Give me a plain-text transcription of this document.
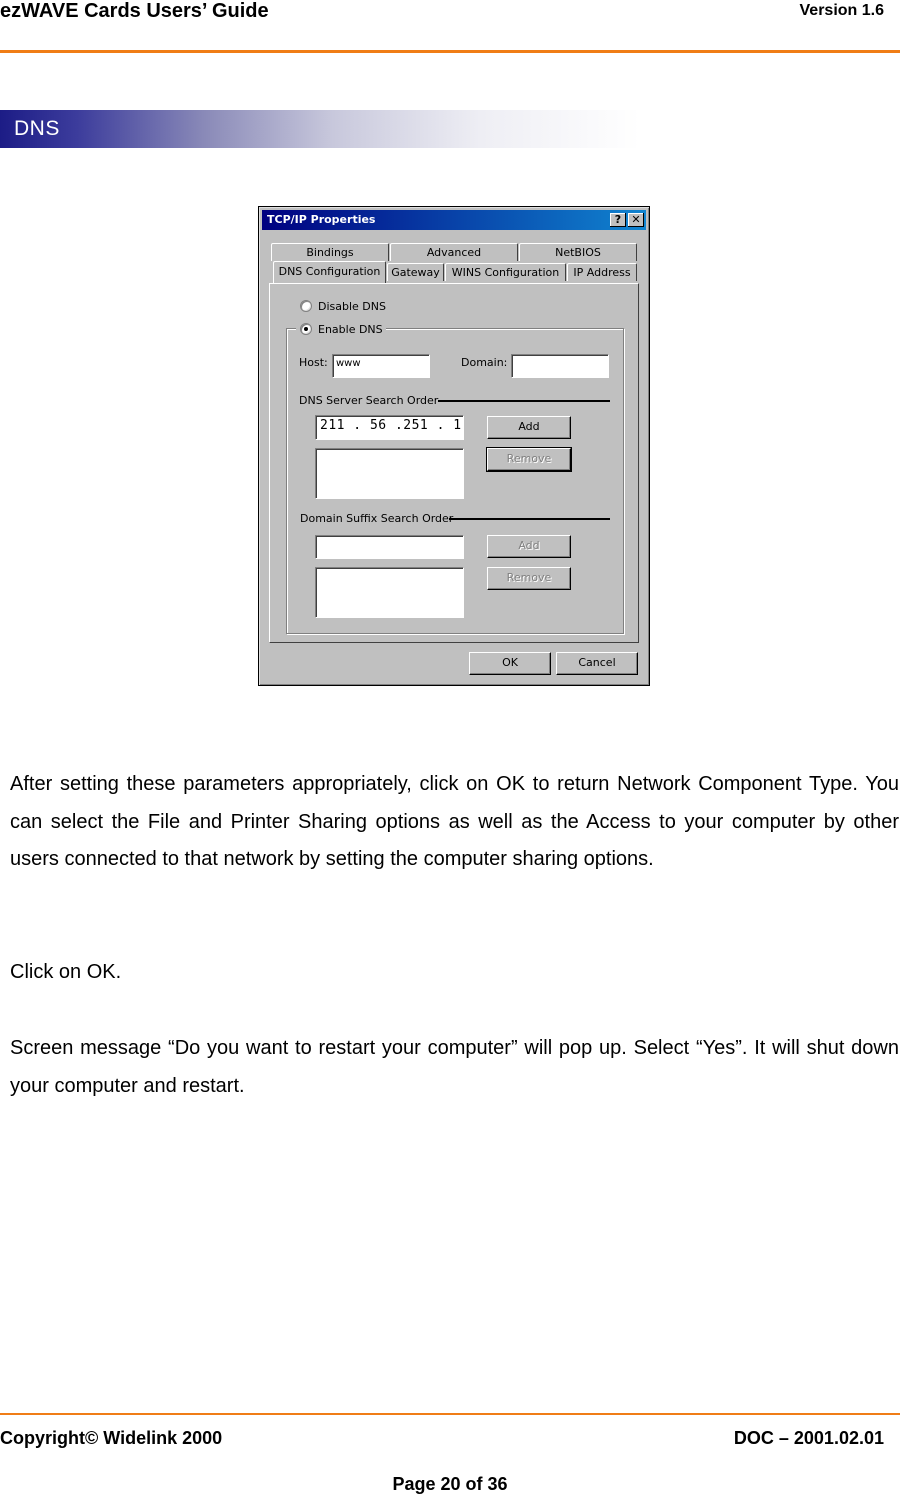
ezWAVE Cards Users’ Guide	Version 1.6
DNS
TCP/IP Properties	? ✕
Bindings	Advanced	NetBIOS
DNS Configuration Gateway	WINS Configuration	IP Address
Disable DNS
Enable DNS
Host: www	Domain:
DNS Server Search Order
211 . 56 .251 . 1	Add
Remove
Domain Suffix Search Order
Add
Remove
OK	Cancel
After setting these parameters appropriately, click on OK to return Network Component Type. You can select the File and Printer Sharing options as well as the Access to your computer by other users connected to that network by setting the computer sharing options.
Click on OK.
Screen message “Do you want to restart your computer” will pop up. Select “Yes”. It will shut down your computer and restart.
Copyright© Widelink 2000	DOC – 2001.02.01
Page 20 of 36
